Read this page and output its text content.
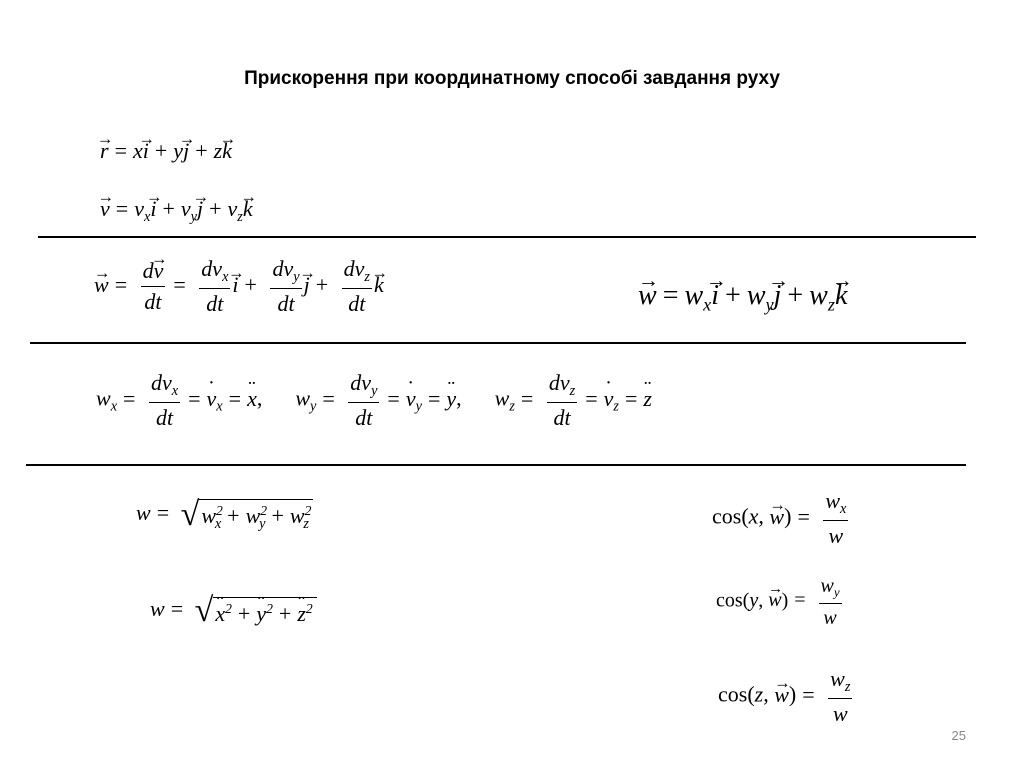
Прискорення при координатному способі завдання руху
→ r = x→ i + y→ j + z→ k
→ $v = v_x\to i + v_y\to j + v_z\to k$
→ $w = \frac{d\to v}{dt} = \frac{dv_x}{dt}$
→ $i + \frac{dv_y}{dt}$
→ $j + \frac{dv_z}{dt}$
→ k
→	$w = w_x\to i + w_y\to j + w_z\to k$
$w_x = \frac{dv_x}{dt}$ =˙ $v_x$ =¨ x, $w_y = \frac{dv_y}{dt}$ =˙ $v_y$ =¨ y, $w_z = \frac{dv_z}{dt}$ =˙ $v_z$ =¨ z
$w = √w^2_x + w^2_y + w^2_z$
w = √¨ $x^2$ +¨ $y^2$ +¨ $z^2$
cos(x, → $w) = \frac{w_x}{w}$
cos(y, → $w) = \frac{w_y}{w}$
cos(z, → $w) = \frac{w_z}{w}$
25
